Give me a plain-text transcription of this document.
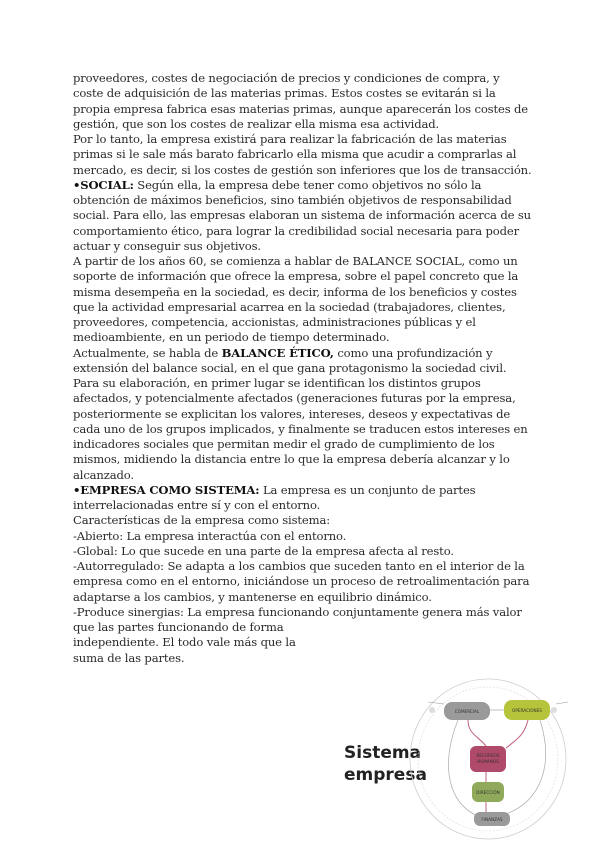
proveedores, costes de negociación de precios y condiciones de compra, y coste de adquisición de las materias primas. Estos costes se evitarán si la propia empresa fabrica esas materias primas, aunque aparecerán los costes de gestión, que son los costes de realizar ella misma esa actividad.

Por lo tanto, la empresa existirá para realizar la fabricación de las materias primas si le sale más barato fabricarlo ella misma que acudir a comprarlas al mercado, es decir, si los costes de gestión son inferiores que los de transacción.

•SOCIAL: Según ella, la empresa debe tener como objetivos no sólo la obtención de máximos beneficios, sino también objetivos de responsabilidad social. Para ello, las empresas elaboran un sistema de información acerca de su comportamiento ético, para lograr la credibilidad social necesaria para poder actuar y conseguir sus objetivos.

A partir de los años 60, se comienza a hablar de BALANCE SOCIAL, como un soporte de información que ofrece la empresa, sobre el papel concreto que la misma desempeña en la sociedad, es decir, informa de los beneficios y costes que la actividad empresarial acarrea en la sociedad (trabajadores, clientes, proveedores, competencia, accionistas, administraciones públicas y el medioambiente, en un periodo de tiempo determinado.

Actualmente, se habla de BALANCE ÉTICO, como una profundización y extensión del balance social, en el que gana protagonismo la sociedad civil. Para su elaboración, en primer lugar se identifican los distintos grupos afectados, y potencialmente afectados (generaciones futuras por la empresa, posteriormente se explicitan los valores, intereses, deseos y expectativas de cada uno de los grupos implicados, y finalmente se traducen estos intereses en indicadores sociales que permitan medir el grado de cumplimiento de los mismos, midiendo la distancia entre lo que la empresa debería alcanzar y lo alcanzado.

•EMPRESA COMO SISTEMA: La empresa es un conjunto de partes interrelacionadas entre sí y con el entorno.

Características de la empresa como sistema:

-Abierto: La empresa interactúa con el entorno.

-Global: Lo que sucede en una parte de la empresa afecta al resto.

-Autorregulado: Se adapta a los cambios que suceden tanto en el interior de la empresa como en el entorno, iniciándose un proceso de retroalimentación para adaptarse a los cambios, y mantenerse en equilibrio dinámico.

-Produce sinergias: La empresa funcionando conjuntamente genera más valor que las partes funcionando de forma

independiente. El todo vale más que la suma de las partes.

Sistema
empresa
COMERCIAL	OPERACIONES
RECURSOS
HUMANOS
DIRECCIÓN
FINANZAS
